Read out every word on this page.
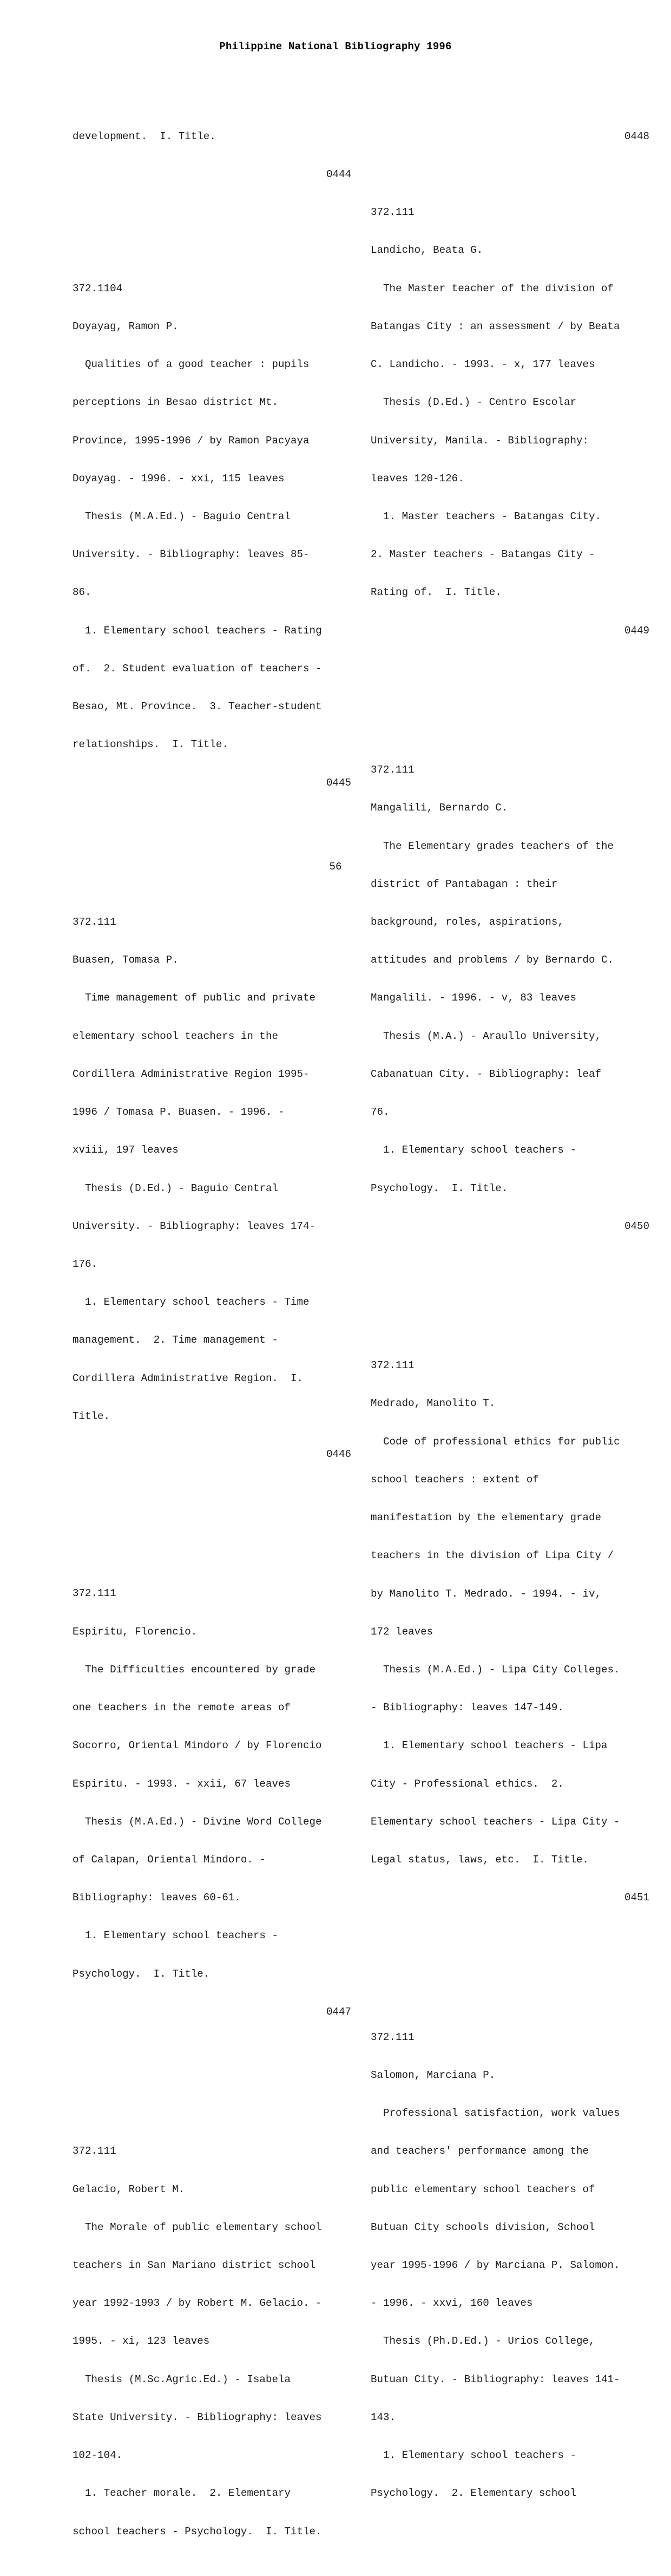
Philippine National Bibliography 1996

development.  I. Title.

0444

372.1104

Doyayag, Ramon P.

Qualities of a good teacher : pupils

perceptions in Besao district Mt.

Province, 1995-1996 / by Ramon Pacyaya

Doyayag. - 1996. - xxi, 115 leaves

Thesis (M.A.Ed.) - Baguio Central

University. - Bibliography: leaves 85-

86.

1. Elementary school teachers - Rating

of.  2. Student evaluation of teachers -

Besao, Mt. Province.  3. Teacher-student

relationships.  I. Title.

0445

372.111

Buasen, Tomasa P.

Time management of public and private

elementary school teachers in the

Cordillera Administrative Region 1995-

1996 / Tomasa P. Buasen. - 1996. -

xviii, 197 leaves

Thesis (D.Ed.) - Baguio Central

University. - Bibliography: leaves 174-

176.

1. Elementary school teachers - Time

management.  2. Time management -

Cordillera Administrative Region.  I.

Title.

0446

372.111

Espiritu, Florencio.

The Difficulties encountered by grade

one teachers in the remote areas of

Socorro, Oriental Mindoro / by Florencio

Espiritu. - 1993. - xxii, 67 leaves

Thesis (M.A.Ed.) - Divine Word College

of Calapan, Oriental Mindoro. -

Bibliography: leaves 60-61.

1. Elementary school teachers -

Psychology.  I. Title.

0447

372.111

Gelacio, Robert M.

The Morale of public elementary school

teachers in San Mariano district school

year 1992-1993 / by Robert M. Gelacio. -

1995. - xi, 123 leaves

Thesis (M.Sc.Agric.Ed.) - Isabela

State University. - Bibliography: leaves

102-104.

1. Teacher morale.  2. Elementary

school teachers - Psychology.  I. Title.

0448

372.111

Landicho, Beata G.

The Master teacher of the division of

Batangas City : an assessment / by Beata

C. Landicho. - 1993. - x, 177 leaves

Thesis (D.Ed.) - Centro Escolar

University, Manila. - Bibliography:

leaves 120-126.

1. Master teachers - Batangas City.

2. Master teachers - Batangas City -

Rating of.  I. Title.

0449

372.111

Mangalili, Bernardo C.

The Elementary grades teachers of the

district of Pantabagan : their

background, roles, aspirations,

attitudes and problems / by Bernardo C.

Mangalili. - 1996. - v, 83 leaves

Thesis (M.A.) - Araullo University,

Cabanatuan City. - Bibliography: leaf

76.

1. Elementary school teachers -

Psychology.  I. Title.

0450

372.111

Medrado, Manolito T.

Code of professional ethics for public

school teachers : extent of

manifestation by the elementary grade

teachers in the division of Lipa City /

by Manolito T. Medrado. - 1994. - iv,

172 leaves

Thesis (M.A.Ed.) - Lipa City Colleges.

- Bibliography: leaves 147-149.

1. Elementary school teachers - Lipa

City - Professional ethics.  2.

Elementary school teachers - Lipa City -

Legal status, laws, etc.  I. Title.

0451

372.111

Salomon, Marciana P.

Professional satisfaction, work values

and teachers' performance among the

public elementary school teachers of

Butuan City schools division, School

year 1995-1996 / by Marciana P. Salomon.

- 1996. - xxvi, 160 leaves

Thesis (Ph.D.Ed.) - Urios College,

Butuan City. - Bibliography: leaves 141-

143.

1. Elementary school teachers -

Psychology.  2. Elementary school

56
